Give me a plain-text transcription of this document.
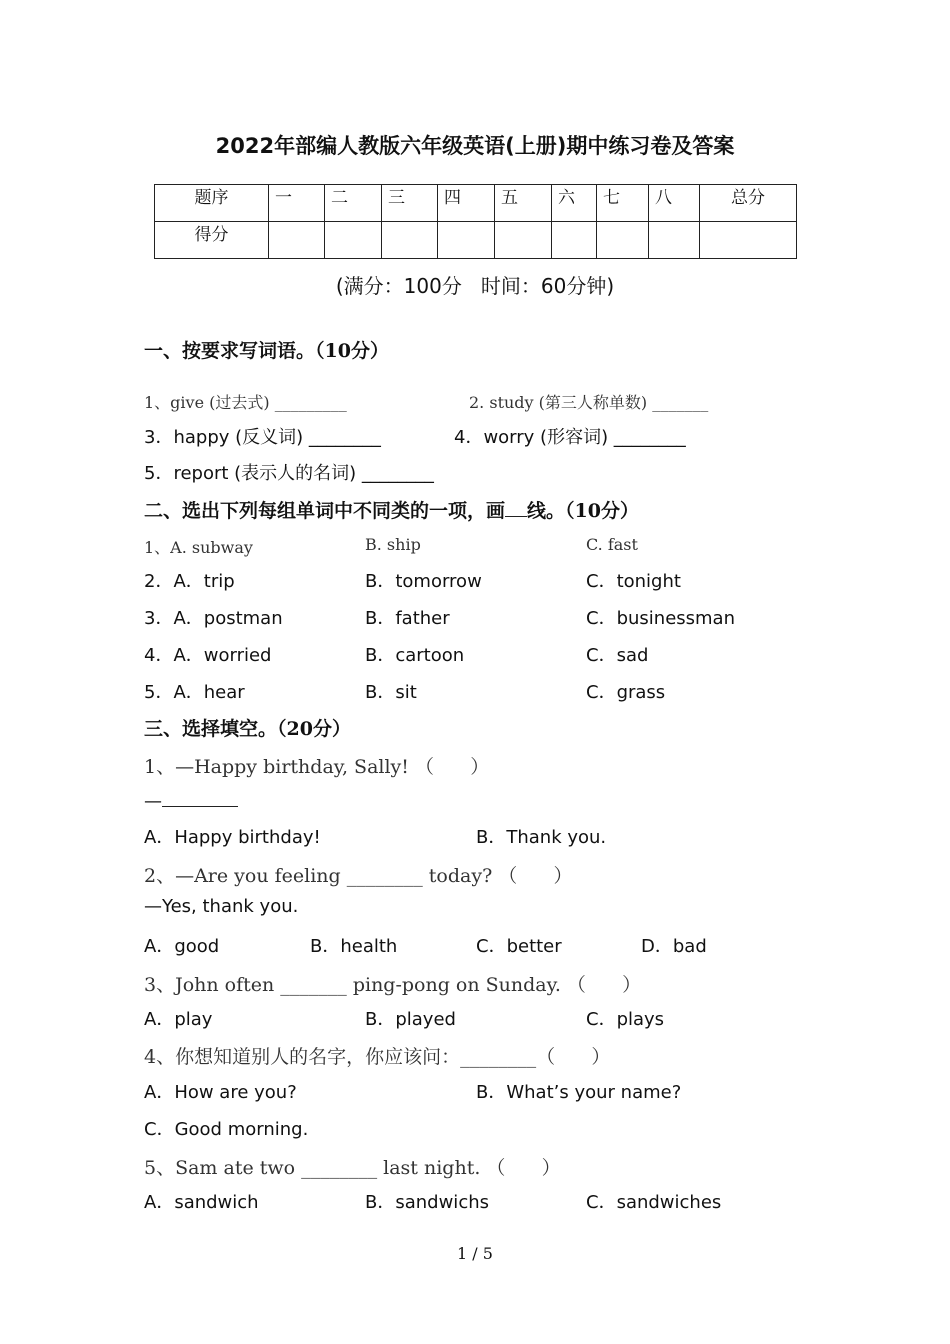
2022年部编人教版六年级英语(上册)期中练习卷及答案
题序	一	二	三	四	五	六	七	八	总分
得分									
(满分：100分   时间：60分钟)
一、按要求写词语。（10分）
1、give (过去式) _________	2. study (第三人称单数) _______
3．happy (反义词) ________	4．worry (形容词) ________
5．report (表示人的名词) ________
二、选出下列每组单词中不同类的一项，画 线。（10分）
1、A. subway	B. ship	C. fast
2．A．trip	B．tomorrow	C．tonight
3．A．postman	B．father	C．businessman
4．A．worried	B．cartoon	C．sad
5．A．hear	B．sit	C．grass
三、选择填空。（20分）
1、—Happy birthday, Sally! （      ）
—
A．Happy birthday!	B．Thank you.
2、—Are you feeling ________ today? （      ）
—Yes, thank you.
A．good	B．health	C．better	D．bad
3、John often _______ ping-pong on Sunday. （      ）
A．play	B．played	C．plays
4、你想知道别人的名字，你应该问：________（      ）
A．How are you?	B．What’s your name?
C．Good morning.
5、Sam ate two ________ last night. （      ）
A．sandwich	B．sandwichs	C．sandwiches
1 / 5
